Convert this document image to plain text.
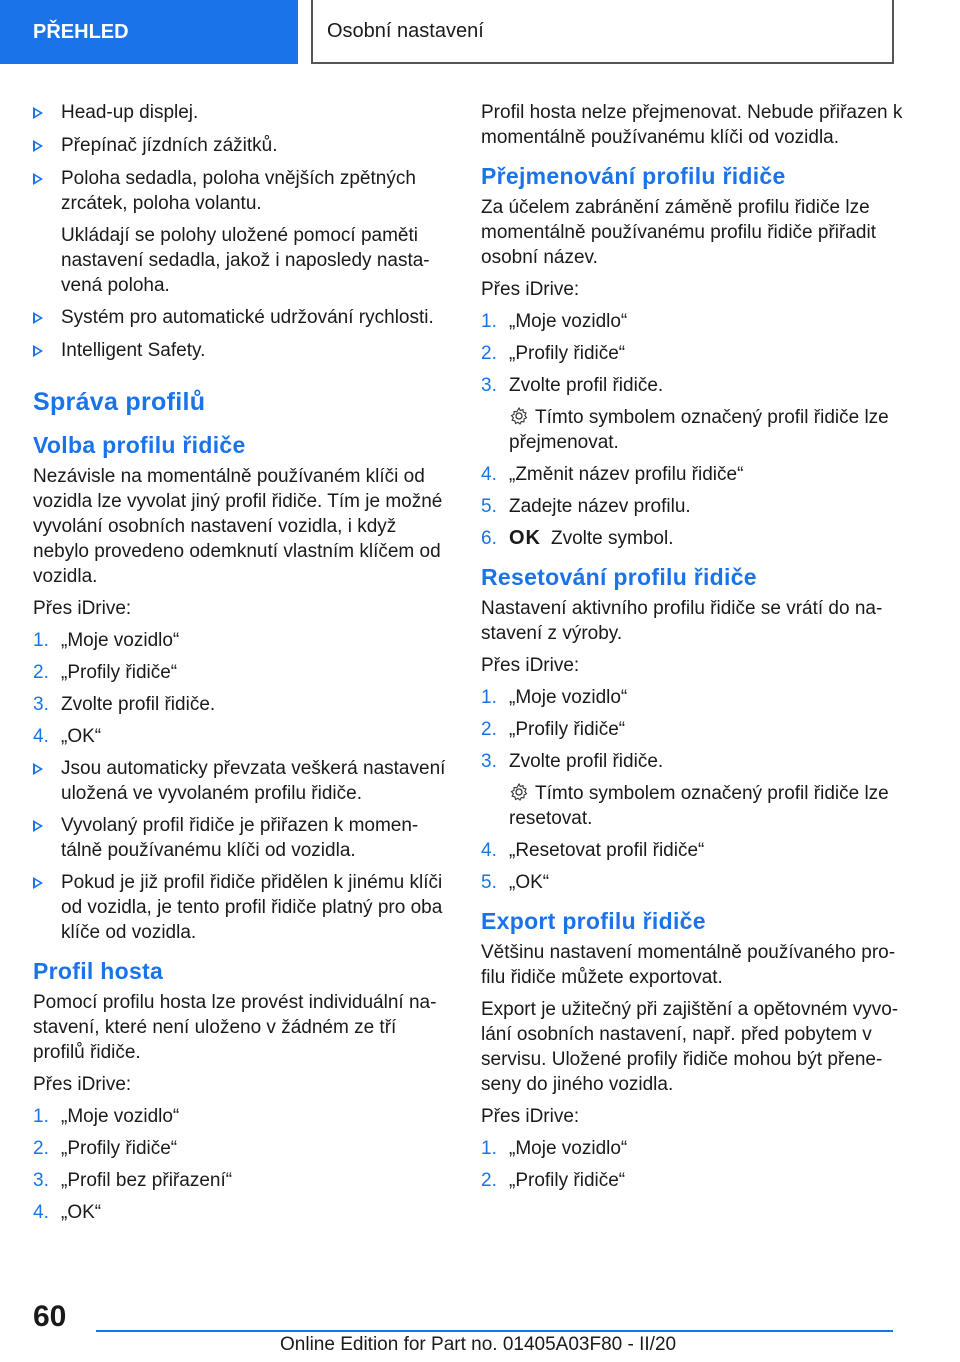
PŘEHLED	Osobní nastavení
Head-up displej.
Přepínač jízdních zážitků.
Poloha sedadla, poloha vnějších zpětných zrcátek, poloha volantu.
Ukládají se polohy uložené pomocí paměti nastavení sedadla, jakož i naposledy nasta-vená poloha.
Systém pro automatické udržování rychlosti.
Intelligent Safety.
Správa profilů
Volba profilu řidiče

Nezávisle na momentálně používaném klíči od vozidla lze vyvolat jiný profil řidiče. Tím je možné vyvolání osobních nastavení vozidla, i když nebylo provedeno odemknutí vlastním klíčem od vozidla.

Přes iDrive:

1. „Moje vozidlo“
2. „Profily řidiče“
3. Zvolte profil řidiče.
4. „OK“
Jsou automaticky převzata veškerá nastavení uložená ve vyvolaném profilu řidiče.
Vyvolaný profil řidiče je přiřazen k momen-tálně používanému klíči od vozidla.
Pokud je již profil řidiče přidělen k jinému klíči od vozidla, je tento profil řidiče platný pro oba klíče od vozidla.
Profil hosta

Pomocí profilu hosta lze provést individuální na-stavení, které není uloženo v žádném ze tří profilů řidiče.

Přes iDrive:

1. „Moje vozidlo“
2. „Profily řidiče“
3. „Profil bez přiřazení“
4. „OK“

Profil hosta nelze přejmenovat. Nebude přiřazen k momentálně používanému klíči od vozidla.

Přejmenování profilu řidiče

Za účelem zabránění záměně profilu řidiče lze momentálně používanému profilu řidiče přiřadit osobní název.

Přes iDrive:

1. „Moje vozidlo“
2. „Profily řidiče“
3. Zvolte profil řidiče.
Tímto symbolem označený profil řidiče lze přejmenovat.
4. „Změnit název profilu řidiče“
5. Zadejte název profilu.
6. OK Zvolte symbol.
Resetování profilu řidiče

Nastavení aktivního profilu řidiče se vrátí do na-stavení z výroby.

Přes iDrive:

1. „Moje vozidlo“
2. „Profily řidiče“
3. Zvolte profil řidiče.
Tímto symbolem označený profil řidiče lze resetovat.
4. „Resetovat profil řidiče“
5. „OK“
Export profilu řidiče

Většinu nastavení momentálně používaného pro-filu řidiče můžete exportovat.

Export je užitečný při zajištění a opětovném vyvo-lání osobních nastavení, např. před pobytem v servisu. Uložené profily řidiče mohou být přene-seny do jiného vozidla.

Přes iDrive:

1. „Moje vozidlo“
2. „Profily řidiče“
60
Online Edition for Part no. 01405A03F80 - II/20
